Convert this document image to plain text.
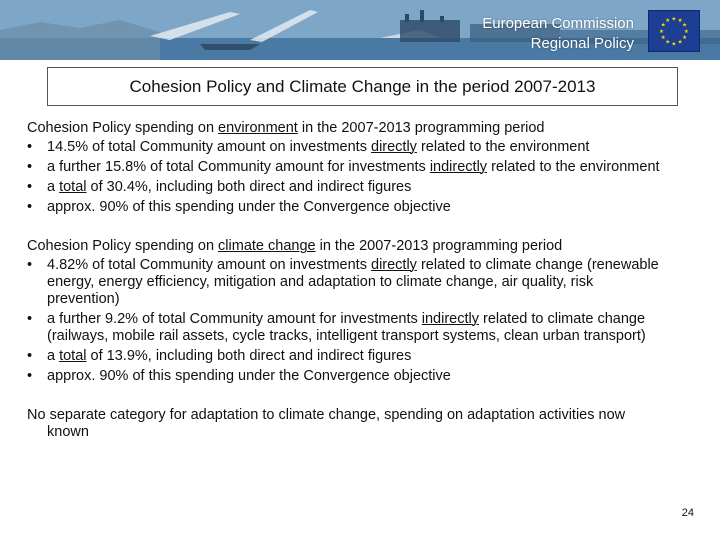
European Commission
Regional Policy
★
★
★
★
★
★
★
★
★ ★ ★
★
Cohesion Policy and Climate Change in the period 2007-2013
Cohesion Policy spending on environment in the 2007-2013 programming period
• 14.5% of total Community amount on investments directly related to the environment
• a further 15.8% of total Community amount for investments indirectly related to the environment
• a total of 30.4%, including both direct and indirect figures
• approx. 90% of this spending under the Convergence objective
Cohesion Policy spending on climate change in the 2007-2013 programming period
• 4.82% of total Community amount on investments directly related to climate change (renewable energy, energy efficiency, mitigation and adaptation to climate change, air quality, risk prevention)
• a further 9.2% of total Community amount for investments indirectly related to climate change (railways, mobile rail assets, cycle tracks, intelligent transport systems, clean urban transport)
• a total of 13.9%, including both direct and indirect figures
• approx. 90% of this spending under the Convergence objective
No separate category for adaptation to climate change, spending on adaptation activities now known
24
